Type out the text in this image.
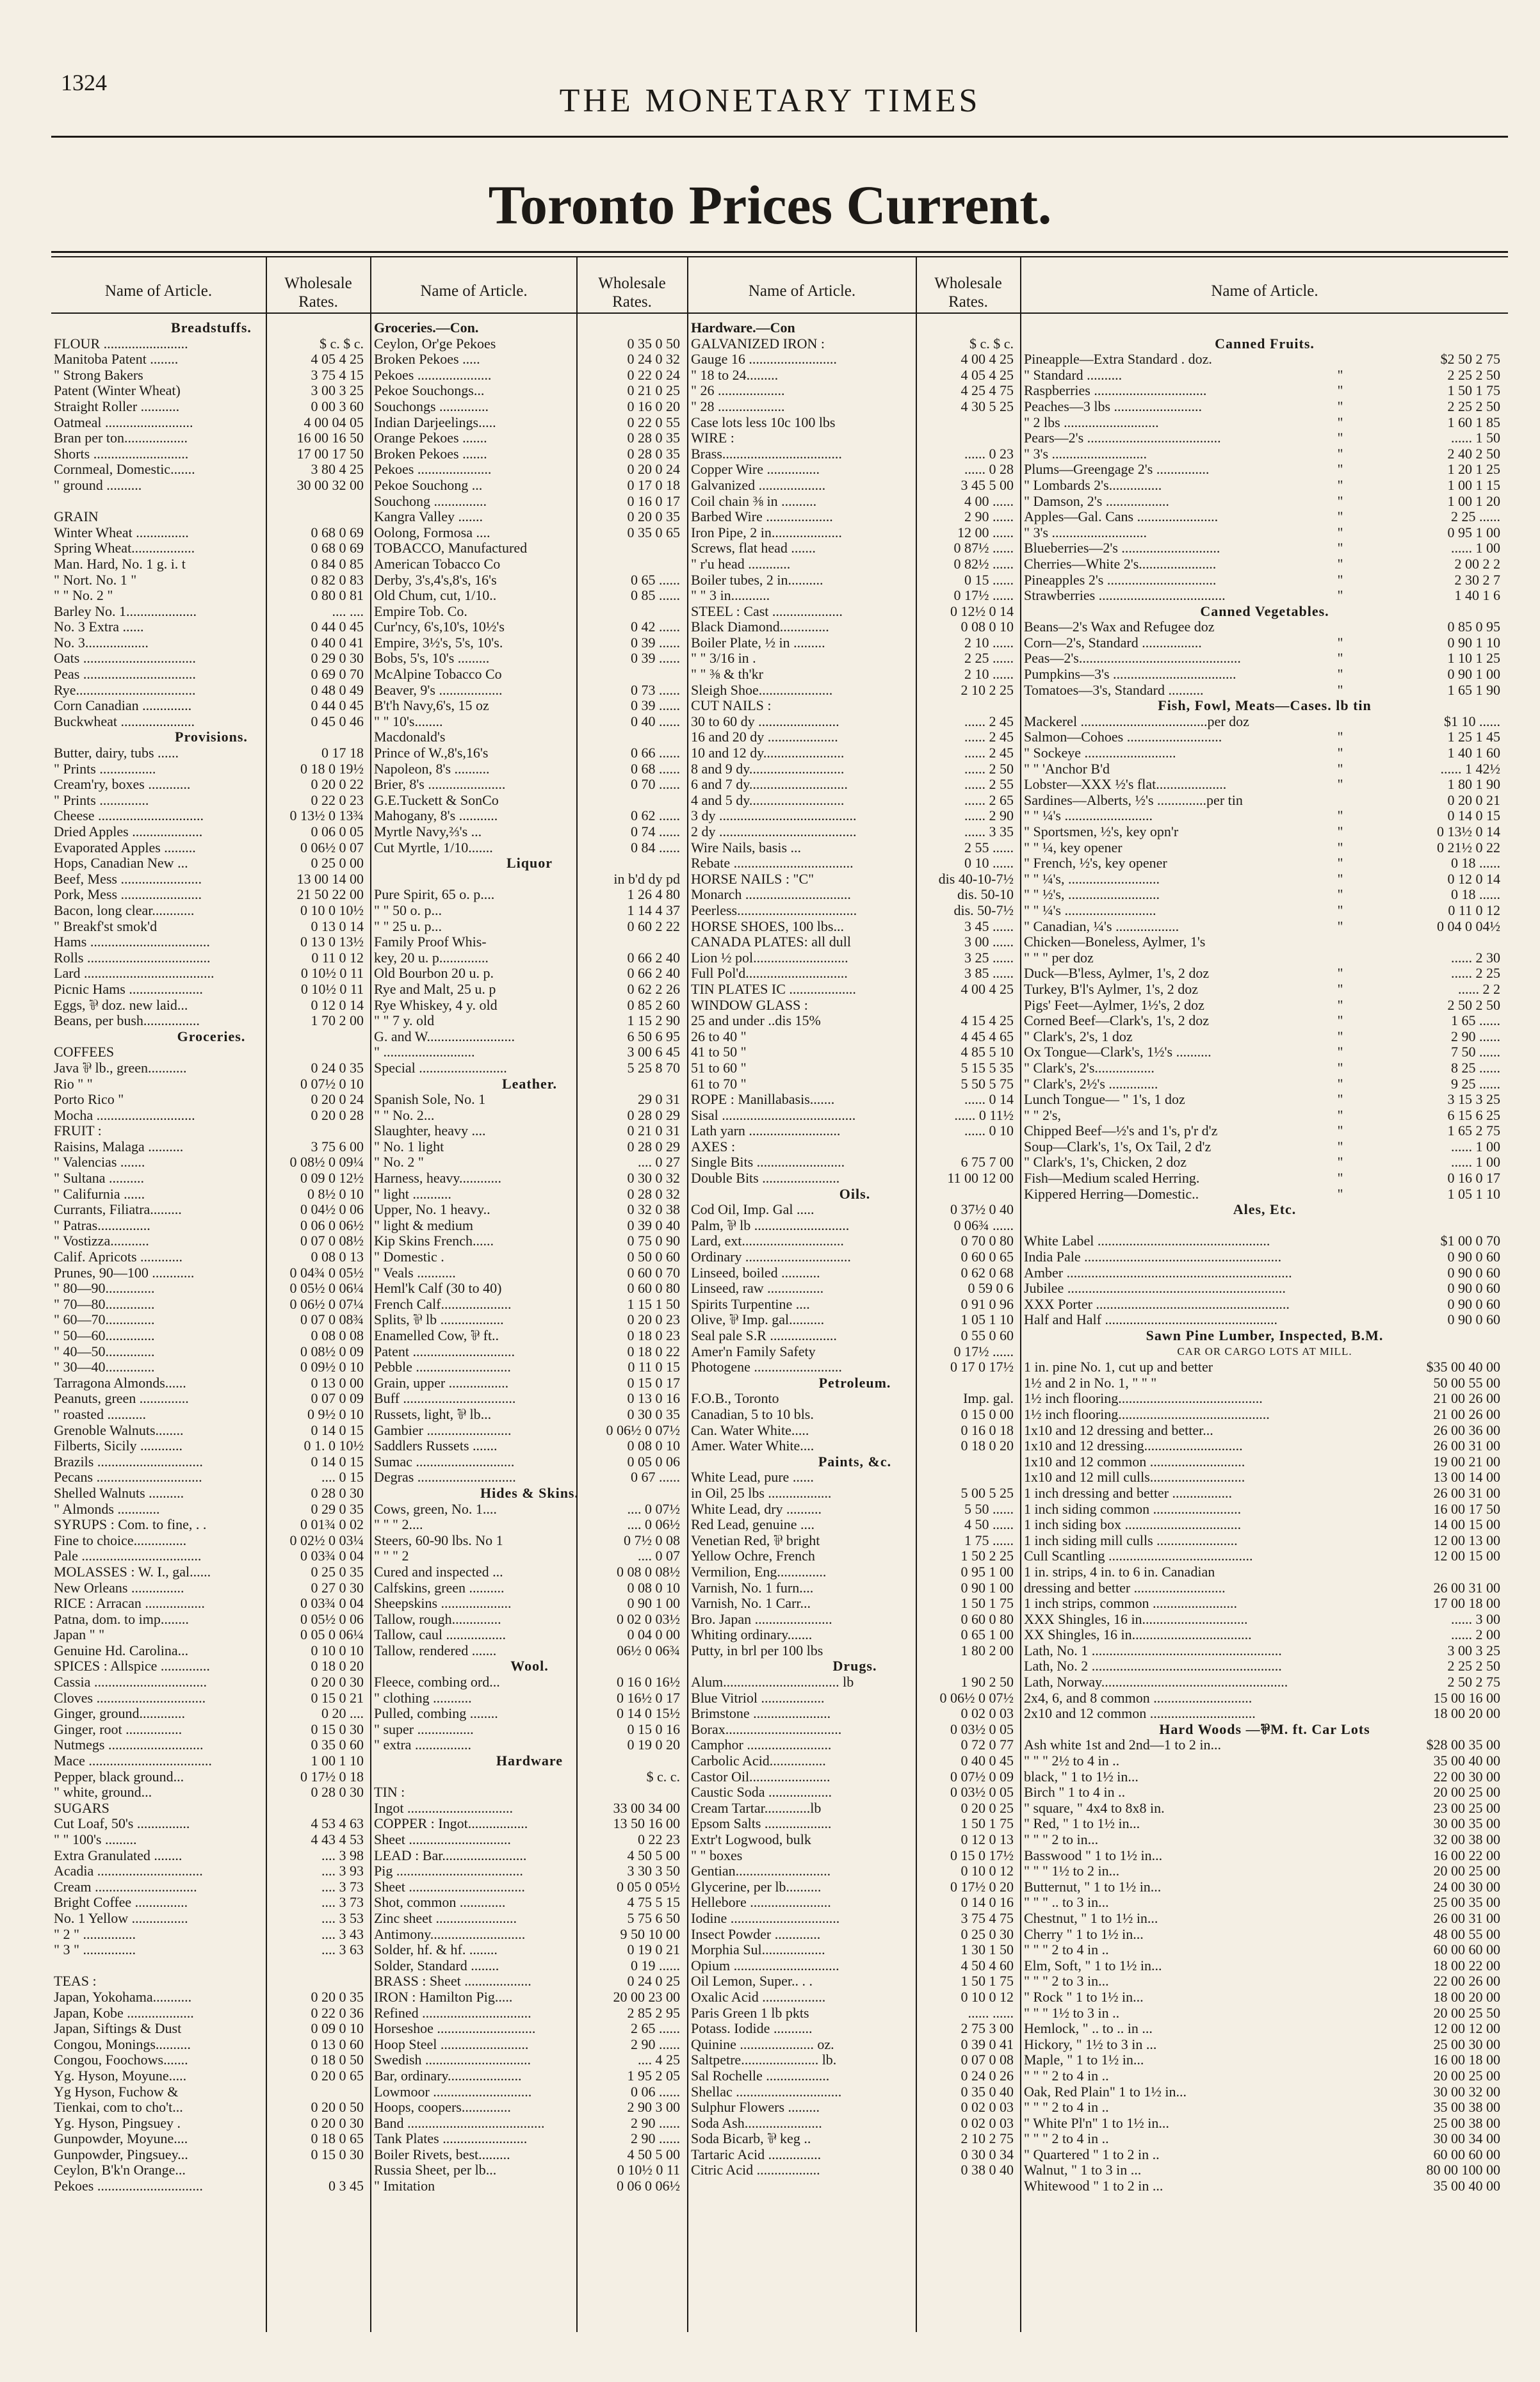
1324	THE MONETARY TIMES
Toronto Prices Current.
Name of Article.	Wholesale Rates.
Name of Article.	Wholesale Rates.
Name of Article.	Wholesale Rates.
Name of Article.
Breadstuffs.
FLOUR ........................	$ c. $ c.
Manitoba Patent ........	4 05 4 25
" Strong Bakers	3 75 4 15
Patent (Winter Wheat)	3 00 3 25
Straight Roller ...........	0 00 3 60
Oatmeal .........................	4 00 04 05
Bran per ton..................	16 00 16 50
Shorts ...........................	17 00 17 50
Cornmeal, Domestic.......	3 80 4 25
" ground ..........	30 00 32 00
GRAIN
Winter Wheat ...............	0 68 0 69
Spring Wheat..................	0 68 0 69
Man. Hard, No. 1 g. i. t	0 84 0 85
" Nort. No. 1 "	0 82 0 83
" " No. 2 "	0 80 0 81
Barley No. 1....................	.... ....
No. 3 Extra ......	0 44 0 45
No. 3..................	0 40 0 41
Oats ................................	0 29 0 30
Peas ................................	0 69 0 70
Rye..................................	0 48 0 49
Corn Canadian ..............	0 44 0 45
Buckwheat .....................	0 45 0 46
Provisions.
Butter, dairy, tubs ......	0 17 18
" Prints ................	0 18 0 19½
Cream'ry, boxes ............	0 20 0 22
" Prints ..............	0 22 0 23
Cheese ..............................	0 13½ 0 13¾
Dried Apples ....................	0 06 0 05
Evaporated Apples .........	0 06½ 0 07
Hops, Canadian New ...	0 25 0 00
Beef, Mess .......................	13 00 14 00
Pork, Mess .......................	21 50 22 00
Bacon, long clear............	0 10 0 10½
" Breakf'st smok'd	0 13 0 14
Hams ..................................	0 13 0 13½
Rolls ...................................	0 11 0 12
Lard .....................................	0 10½ 0 11
Picnic Hams .....................	0 10½ 0 11
Eggs, ⅌ doz. new laid...	0 12 0 14
Beans, per bush................	1 70 2 00
Groceries.
COFFEES
Java ⅌ lb., green...........	0 24 0 35
Rio " "	0 07½ 0 10
Porto Rico "	0 20 0 24
Mocha ............................	0 20 0 28
FRUIT :
Raisins, Malaga ..........	3 75 6 00
" Valencias .......	0 08½ 0 09¼
" Sultana ..........	0 09 0 12½
" Califurnia ......	0 8½ 0 10
Currants, Filiatra.........	0 04½ 0 06
" Patras...............	0 06 0 06½
" Vostizza...........	0 07 0 08½
Calif. Apricots ............	0 08 0 13
Prunes, 90—100 ............	0 04¾ 0 05½
" 80—90..............	0 05½ 0 06¼
" 70—80..............	0 06½ 0 07¼
" 60—70..............	0 07 0 08¾
" 50—60..............	0 08 0 08
" 40—50..............	0 08½ 0 09
" 30—40..............	0 09½ 0 10
Tarragona Almonds......	0 13 0 00
Peanuts, green ..............	0 07 0 09
" roasted ...........	0 9½ 0 10
Grenoble Walnuts........	0 14 0 15
Filberts, Sicily ............	0 1. 0 10½
Brazils ..............................	0 14 0 15
Pecans ..............................	.... 0 15
Shelled Walnuts ..........	0 28 0 30
" Almonds ............	0 29 0 35
SYRUPS : Com. to fine, . .	0 01¾ 0 02
Fine to choice...............	0 02½ 0 03¼
Pale ..................................	0 03¾ 0 04
MOLASSES : W. I., gal......	0 25 0 35
New Orleans ...............	0 27 0 30
RICE : Arracan .................	0 03¾ 0 04
Patna, dom. to imp........	0 05½ 0 06
Japan " "	0 05 0 06¼
Genuine Hd. Carolina...	0 10 0 10
SPICES : Allspice ..............	0 18 0 20
Cassia ................................	0 20 0 30
Cloves ...............................	0 15 0 21
Ginger, ground.............	0 20 ....
Ginger, root ................	0 15 0 30
Nutmegs ...........................	0 35 0 60
Mace ...................................	1 00 1 10
Pepper, black ground...	0 17½ 0 18
" white, ground...	0 28 0 30
SUGARS
Cut Loaf, 50's ...............	4 53 4 63
" " 100's .........	4 43 4 53
Extra Granulated ........	.... 3 98
Acadia ..............................	.... 3 93
Cream .............................	.... 3 73
Bright Coffee ...............	.... 3 73
No. 1 Yellow ................	.... 3 53
" 2 " ...............	.... 3 43
" 3 " ...............	.... 3 63
TEAS :
Japan, Yokohama...........	0 20 0 35
Japan, Kobe ...................	0 22 0 36
Japan, Siftings & Dust	0 09 0 10
Congou, Monings..........	0 13 0 60
Congou, Foochows.......	0 18 0 50
Yg. Hyson, Moyune.....	0 20 0 65
Yg Hyson, Fuchow &
Tienkai, com to cho't...	0 20 0 50
Yg. Hyson, Pingsuey .	0 20 0 30
Gunpowder, Moyune....	0 18 0 65
Gunpowder, Pingsuey...	0 15 0 30
Ceylon, B'k'n Orange...
Pekoes ..............................	0 3 45
Groceries.—Con.
Ceylon, Or'ge Pekoes	0 35 0 50
Broken Pekoes .....	0 24 0 32
Pekoes .....................	0 22 0 24
Pekoe Souchongs...	0 21 0 25
Souchongs ..............	0 16 0 20
Indian Darjeelings.....	0 22 0 55
Orange Pekoes .......	0 28 0 35
Broken Pekoes .......	0 28 0 35
Pekoes .....................	0 20 0 24
Pekoe Souchong ...	0 17 0 18
Souchong ...............	0 16 0 17
Kangra Valley .......	0 20 0 35
Oolong, Formosa ....	0 35 0 65
TOBACCO, Manufactured
American Tobacco Co
Derby, 3's,4's,8's, 16's	0 65 ......
Old Chum, cut, 1/10..	0 85 ......
Empire Tob. Co.
Cur'ncy, 6's,10's, 10½'s	0 42 ......
Empire, 3½'s, 5's, 10's.	0 39 ......
Bobs, 5's, 10's .........	0 39 ......
McAlpine Tobacco Co
Beaver, 9's ..................	0 73 ......
B't'h Navy,6's, 15 oz	0 39 ......
" " 10's........	0 40 ......
Macdonald's
Prince of W.,8's,16's	0 66 ......
Napoleon, 8's ..........	0 68 ......
Brier, 8's ......................	0 70 ......
G.E.Tuckett & SonCo
Mahogany, 8's ...........	0 62 ......
Myrtle Navy,⅔'s ...	0 74 ......
Cut Myrtle, 1/10.......	0 84 ......
Liquor
in b'd dy pd
Pure Spirit, 65 o. p....	1 26 4 80
" " 50 o. p...	1 14 4 37
" " 25 u. p...	0 60 2 22
Family Proof Whis-
key, 20 u. p..............	0 66 2 40
Old Bourbon 20 u. p.	0 66 2 40
Rye and Malt, 25 u. p	0 62 2 26
Rye Whiskey, 4 y. old	0 85 2 60
" " 7 y. old	1 15 2 90
G. and W.........................	6 50 6 95
" ..........................	3 00 6 45
Special .........................	5 25 8 70
Leather.
Spanish Sole, No. 1	29 0 31
" " No. 2...	0 28 0 29
Slaughter, heavy ....	0 21 0 31
" No. 1 light	0 28 0 29
" No. 2 "	.... 0 27
Harness, heavy............	0 30 0 32
" light ...........	0 28 0 32
Upper, No. 1 heavy..	0 32 0 38
" light & medium	0 39 0 40
Kip Skins French......	0 75 0 90
" Domestic .	0 50 0 60
" Veals ...........	0 60 0 70
Heml'k Calf (30 to 40)	0 60 0 80
French Calf....................	1 15 1 50
Splits, ⅌ lb ..................	0 20 0 23
Enamelled Cow, ⅌ ft..	0 18 0 23
Patent .............................	0 18 0 22
Pebble ...........................	0 11 0 15
Grain, upper .................	0 15 0 17
Buff ................................	0 13 0 16
Russets, light, ⅌ lb...	0 30 0 35
Gambier ........................	0 06½ 0 07½
Saddlers Russets .......	0 08 0 10
Sumac ............................	0 05 0 06
Degras ............................	0 67 ......
Hides & Skins.
Cows, green, No. 1....	.... 0 07½
" " " 2....	.... 0 06½
Steers, 60-90 lbs. No 1	0 7½ 0 08
" " " 2	.... 0 07
Cured and inspected ...	0 08 0 08½
Calfskins, green ..........	0 08 0 10
Sheepskins ....................	0 90 1 00
Tallow, rough..............	0 02 0 03½
Tallow, caul .................	0 04 0 00
Tallow, rendered .......	06½ 0 06¾
Wool.
Fleece, combing ord...	0 16 0 16½
" clothing ...........	0 16½ 0 17
Pulled, combing ........	0 14 0 15½
" super ................	0 15 0 16
" extra ................	0 19 0 20
Hardware
$ c. c.
TIN :
Ingot ..............................	33 00 34 00
COPPER : Ingot.................	13 50 16 00
Sheet .............................	0 22 23
LEAD : Bar........................	4 50 5 00
Pig ....................................	3 30 3 50
Sheet .................................	0 05 0 05½
Shot, common .............	4 75 5 15
Zinc sheet .......................	5 75 6 50
Antimony...........................	9 50 10 00
Solder, hf. & hf. ........	0 19 0 21
Solder, Standard ........	0 19 ......
BRASS : Sheet ...................	0 24 0 25
IRON : Hamilton Pig.....	20 00 23 00
Refined ...............................	2 85 2 95
Horseshoe ............................	2 65 ......
Hoop Steel .........................	2 90 ......
Swedish ..............................	.... 4 25
Bar, ordinary.....................	1 95 2 05
Lowmoor ............................	0 06 ......
Hoops, coopers..............	2 90 3 00
Band .......................................	2 90 ......
Tank Plates ........................	2 90 ......
Boiler Rivets, best.........	4 50 5 00
Russia Sheet, per lb...	0 10½ 0 11
" Imitation	0 06 0 06½
Hardware.—Con
GALVANIZED IRON :	$ c. $ c.
Gauge 16 .........................	4 00 4 25
" 18 to 24.........	4 05 4 25
" 26 ...................	4 25 4 75
" 28 ...................	4 30 5 25
Case lots less 10c 100 lbs
WIRE :
Brass..................................	...... 0 23
Copper Wire ...............	...... 0 28
Galvanized ...................	3 45 5 00
Coil chain ⅜ in ..........	4 00 ......
Barbed Wire ...................	2 90 ......
Iron Pipe, 2 in....................	12 00 ......
Screws, flat head .......	0 87½ ......
" r'u head ............	0 82½ ......
Boiler tubes, 2 in..........	0 15 ......
" " 3 in...........	0 17½ ......
STEEL : Cast ....................	0 12½ 0 14
Black Diamond..............	0 08 0 10
Boiler Plate, ½ in .........	2 10 ......
" " 3/16 in .	2 25 ......
" " ⅜ & th'kr	2 10 ......
Sleigh Shoe.....................	2 10 2 25
CUT NAILS :
30 to 60 dy .......................	...... 2 45
16 and 20 dy ....................	...... 2 45
10 and 12 dy.......................	...... 2 45
8 and 9 dy...........................	...... 2 50
6 and 7 dy............................	...... 2 55
4 and 5 dy...........................	...... 2 65
3 dy .......................................	...... 2 90
2 dy .......................................	...... 3 35
Wire Nails, basis ...	2 55 ......
Rebate ..................................	0 10 ......
HORSE NAILS : "C"	dis 40-10-7½
Monarch ..............................	dis. 50-10
Peerless..................................	dis. 50-7½
HORSE SHOES, 100 lbs...	3 45 ......
CANADA PLATES: all dull	3 00 ......
Lion ½ pol...........................	3 25 ......
Full Pol'd.............................	3 85 ......
TIN PLATES IC ...................	4 00 4 25
WINDOW GLASS :
25 and under ..dis 15%	4 15 4 25
26 to 40 "	4 45 4 65
41 to 50 "	4 85 5 10
51 to 60 "	5 15 5 35
61 to 70 "	5 50 5 75
ROPE : Manillabasis.......	...... 0 14
Sisal ......................................	...... 0 11½
Lath yarn ..........................	...... 0 10
AXES :
Single Bits .........................	6 75 7 00
Double Bits ......................	11 00 12 00
Oils.
Cod Oil, Imp. Gal .....	0 37½ 0 40
Palm, ⅌ lb ...........................	0 06¾ ......
Lard, ext.............................	0 70 0 80
Ordinary ..............................	0 60 0 65
Linseed, boiled ...........	0 62 0 68
Linseed, raw ................	0 59 0 6
Spirits Turpentine ....	0 91 0 96
Olive, ⅌ Imp. gal..........	1 05 1 10
Seal pale S.R ...................	0 55 0 60
Amer'n Family Safety	0 17½ ......
Photogene .........................	0 17 0 17½
Petroleum.
F.O.B., Toronto	Imp. gal.
Canadian, 5 to 10 bls.	0 15 0 00
Can. Water White.....	0 16 0 18
Amer. Water White....	0 18 0 20
Paints, &c.
White Lead, pure ......
in Oil, 25 lbs ..................	5 00 5 25
White Lead, dry ..........	5 50 ......
Red Lead, genuine ....	4 50 ......
Venetian Red, ⅌ bright	1 75 ......
Yellow Ochre, French	1 50 2 25
Vermilion, Eng..............	0 95 1 00
Varnish, No. 1 furn....	0 90 1 00
Varnish, No. 1 Carr...	1 50 1 75
Bro. Japan ......................	0 60 0 80
Whiting ordinary.......	0 65 1 00
Putty, in brl per 100 lbs	1 80 2 00
Drugs.
Alum................................. lb	1 90 2 50
Blue Vitriol ..................	0 06½ 0 07½
Brimstone ......................	0 02 0 03
Borax.................................	0 03½ 0 05
Camphor ........................	0 72 0 77
Carbolic Acid................	0 40 0 45
Castor Oil.......................	0 07½ 0 09
Caustic Soda ..................	0 03½ 0 05
Cream Tartar.............lb	0 20 0 25
Epsom Salts ...................	1 50 1 75
Extr't Logwood, bulk	0 12 0 13
" " boxes	0 15 0 17½
Gentian...........................	0 10 0 12
Glycerine, per lb..........	0 17½ 0 20
Hellebore .......................	0 14 0 16
Iodine ...............................	3 75 4 75
Insect Powder .............	0 25 0 30
Morphia Sul..................	1 30 1 50
Opium ..............................	4 50 4 60
Oil Lemon, Super.. . .	1 50 1 75
Oxalic Acid ..................	0 10 0 12
Paris Green 1 lb pkts	...... ......
Potass. Iodide ...........	2 75 3 00
Quinine ..................... oz.	0 39 0 41
Saltpetre...................... lb.	0 07 0 08
Sal Rochelle ..................	0 24 0 26
Shellac ..............................	0 35 0 40
Sulphur Flowers .........	0 02 0 03
Soda Ash......................	0 02 0 03
Soda Bicarb, ⅌ keg ..	2 10 2 75
Tartaric Acid ...............	0 30 0 34
Citric Acid ..................	0 38 0 40
Canned Fruits.
Pineapple—Extra Standard . doz.	$2 50 2 75
" Standard ..........	"	2 25 2 50
Raspberries ................................	"	1 50 1 75
Peaches—3 lbs .........................	"	2 25 2 50
" 2 lbs ...........................	"	1 60 1 85
Pears—2's ......................................	"	...... 1 50
" 3's ...........................	"	2 40 2 50
Plums—Greengage 2's ...............	"	1 20 1 25
" Lombards 2's...............	"	1 00 1 15
" Damson, 2's ..................	"	1 00 1 20
Apples—Gal. Cans .......................	"	2 25 ......
" 3's ...........................	"	0 95 1 00
Blueberries—2's ............................	"	...... 1 00
Cherries—White 2's......................	"	2 00 2 2
Pineapples 2's ...............................	"	2 30 2 7
Strawberries ....................................	"	1 40 1 6
Canned Vegetables.
Beans—2's Wax and Refugee doz	0 85 0 95
Corn—2's, Standard .................	"	0 90 1 10
Peas—2's..............................................	"	1 10 1 25
Pumpkins—3's ...................................	"	0 90 1 00
Tomatoes—3's, Standard ..........	"	1 65 1 90
Fish, Fowl, Meats—Cases. lb tin
Mackerel ....................................per doz	$1 10 ......
Salmon—Cohoes ...........................	"	1 25 1 45
" Sockeye ..........................	"	1 40 1 60
" " 'Anchor B'd	"	...... 1 42½
Lobster—XXX ½'s flat....................	"	1 80 1 90
Sardines—Alberts, ½'s ..............per tin	0 20 0 21
" " ¼'s .........................	"	0 14 0 15
" Sportsmen, ½'s, key opn'r	"	0 13½ 0 14
" " ¼, key opener	"	0 21½ 0 22
" French, ½'s, key opener	"	0 18 ......
" " ¼'s, ..........................	"	0 12 0 14
" " ½'s, ..........................	"	0 18 ......
" " ¼'s ..........................	"	0 11 0 12
" Canadian, ¼'s ..................	"	0 04 0 04½
Chicken—Boneless, Aylmer, 1's
" " " per doz	...... 2 30
Duck—B'less, Aylmer, 1's, 2 doz	"	...... 2 25
Turkey, B'l's Aylmer, 1's, 2 doz	"	...... 2 2
Pigs' Feet—Aylmer, 1½'s, 2 doz	"	2 50 2 50
Corned Beef—Clark's, 1's, 2 doz	"	1 65 ......
" Clark's, 2's, 1 doz	"	2 90 ......
Ox Tongue—Clark's, 1½'s ..........	"	7 50 ......
" Clark's, 2's.................	"	8 25 ......
" Clark's, 2½'s ..............	"	9 25 ......
Lunch Tongue— " 1's, 1 doz	"	3 15 3 25
" " 2's,	"	6 15 6 25
Chipped Beef—½'s and 1's, p'r d'z	"	1 65 2 75
Soup—Clark's, 1's, Ox Tail, 2 d'z	"	...... 1 00
" Clark's, 1's, Chicken, 2 doz	"	...... 1 00
Fish—Medium scaled Herring.	"	0 16 0 17
Kippered Herring—Domestic..	"	1 05 1 10
Ales, Etc.
White Label .................................................	$1 00 0 70
India Pale ........................................................	0 90 0 60
Amber ................................................................	0 90 0 60
Jubilee ..............................................................	0 90 0 60
XXX Porter .......................................................	0 90 0 60
Half and Half .................................................	0 90 0 60
Sawn Pine Lumber, Inspected, B.M.
CAR OR CARGO LOTS AT MILL.
1 in. pine No. 1, cut up and better	$35 00 40 00
1½ and 2 in No. 1, " " "	50 00 55 00
1½ inch flooring.........................................	21 00 26 00
1½ inch flooring...........................................	21 00 26 00
1x10 and 12 dressing and better...	26 00 36 00
1x10 and 12 dressing............................	26 00 31 00
1x10 and 12 common ...........................	19 00 21 00
1x10 and 12 mill culls...........................	13 00 14 00
1 inch dressing and better .................	26 00 31 00
1 inch siding common .........................	16 00 17 50
1 inch siding box .................................	14 00 15 00
1 inch siding mill culls .......................	12 00 13 00
Cull Scantling .........................................	12 00 15 00
1 in. strips, 4 in. to 6 in. Canadian
dressing and better ..........................	26 00 31 00
1 inch strips, common ........................	17 00 18 00
XXX Shingles, 16 in..............................	...... 3 00
XX Shingles, 16 in..................................	...... 2 00
Lath, No. 1 ......................................................	3 00 3 25
Lath, No. 2 ......................................................	2 25 2 50
Lath, Norway.....................................................	2 50 2 75
2x4, 6, and 8 common ............................	15 00 16 00
2x10 and 12 common ..............................	18 00 20 00
Hard Woods —⅌M. ft. Car Lots
Ash white 1st and 2nd—1 to 2 in...	$28 00 35 00
" " " 2½ to 4 in ..	35 00 40 00
black, " 1 to 1½ in...	22 00 30 00
Birch " 1 to 4 in ..	20 00 25 00
" square, " 4x4 to 8x8 in.	23 00 25 00
" Red, " 1 to 1½ in...	30 00 35 00
" " " 2 to in...	32 00 38 00
Basswood " 1 to 1½ in...	16 00 22 00
" " " 1½ to 2 in...	20 00 25 00
Butternut, " 1 to 1½ in...	24 00 30 00
" " " .. to 3 in...	25 00 35 00
Chestnut, " 1 to 1½ in...	26 00 31 00
Cherry " 1 to 1½ in...	48 00 55 00
" " " 2 to 4 in ..	60 00 60 00
Elm, Soft, " 1 to 1½ in...	18 00 22 00
" " " 2 to 3 in...	22 00 26 00
" Rock " 1 to 1½ in...	18 00 20 00
" " " 1½ to 3 in ..	20 00 25 50
Hemlock, " .. to .. in ...	12 00 12 00
Hickory, " 1½ to 3 in ...	25 00 30 00
Maple, " 1 to 1½ in...	16 00 18 00
" " " 2 to 4 in ..	20 00 25 00
Oak, Red Plain" 1 to 1½ in...	30 00 32 00
" " " 2 to 4 in ..	35 00 38 00
" White Pl'n" 1 to 1½ in...	25 00 38 00
" " " 2 to 4 in ..	30 00 34 00
" Quartered " 1 to 2 in ..	60 00 60 00
Walnut, " 1 to 3 in ...	80 00 100 00
Whitewood " 1 to 2 in ...	35 00 40 00
